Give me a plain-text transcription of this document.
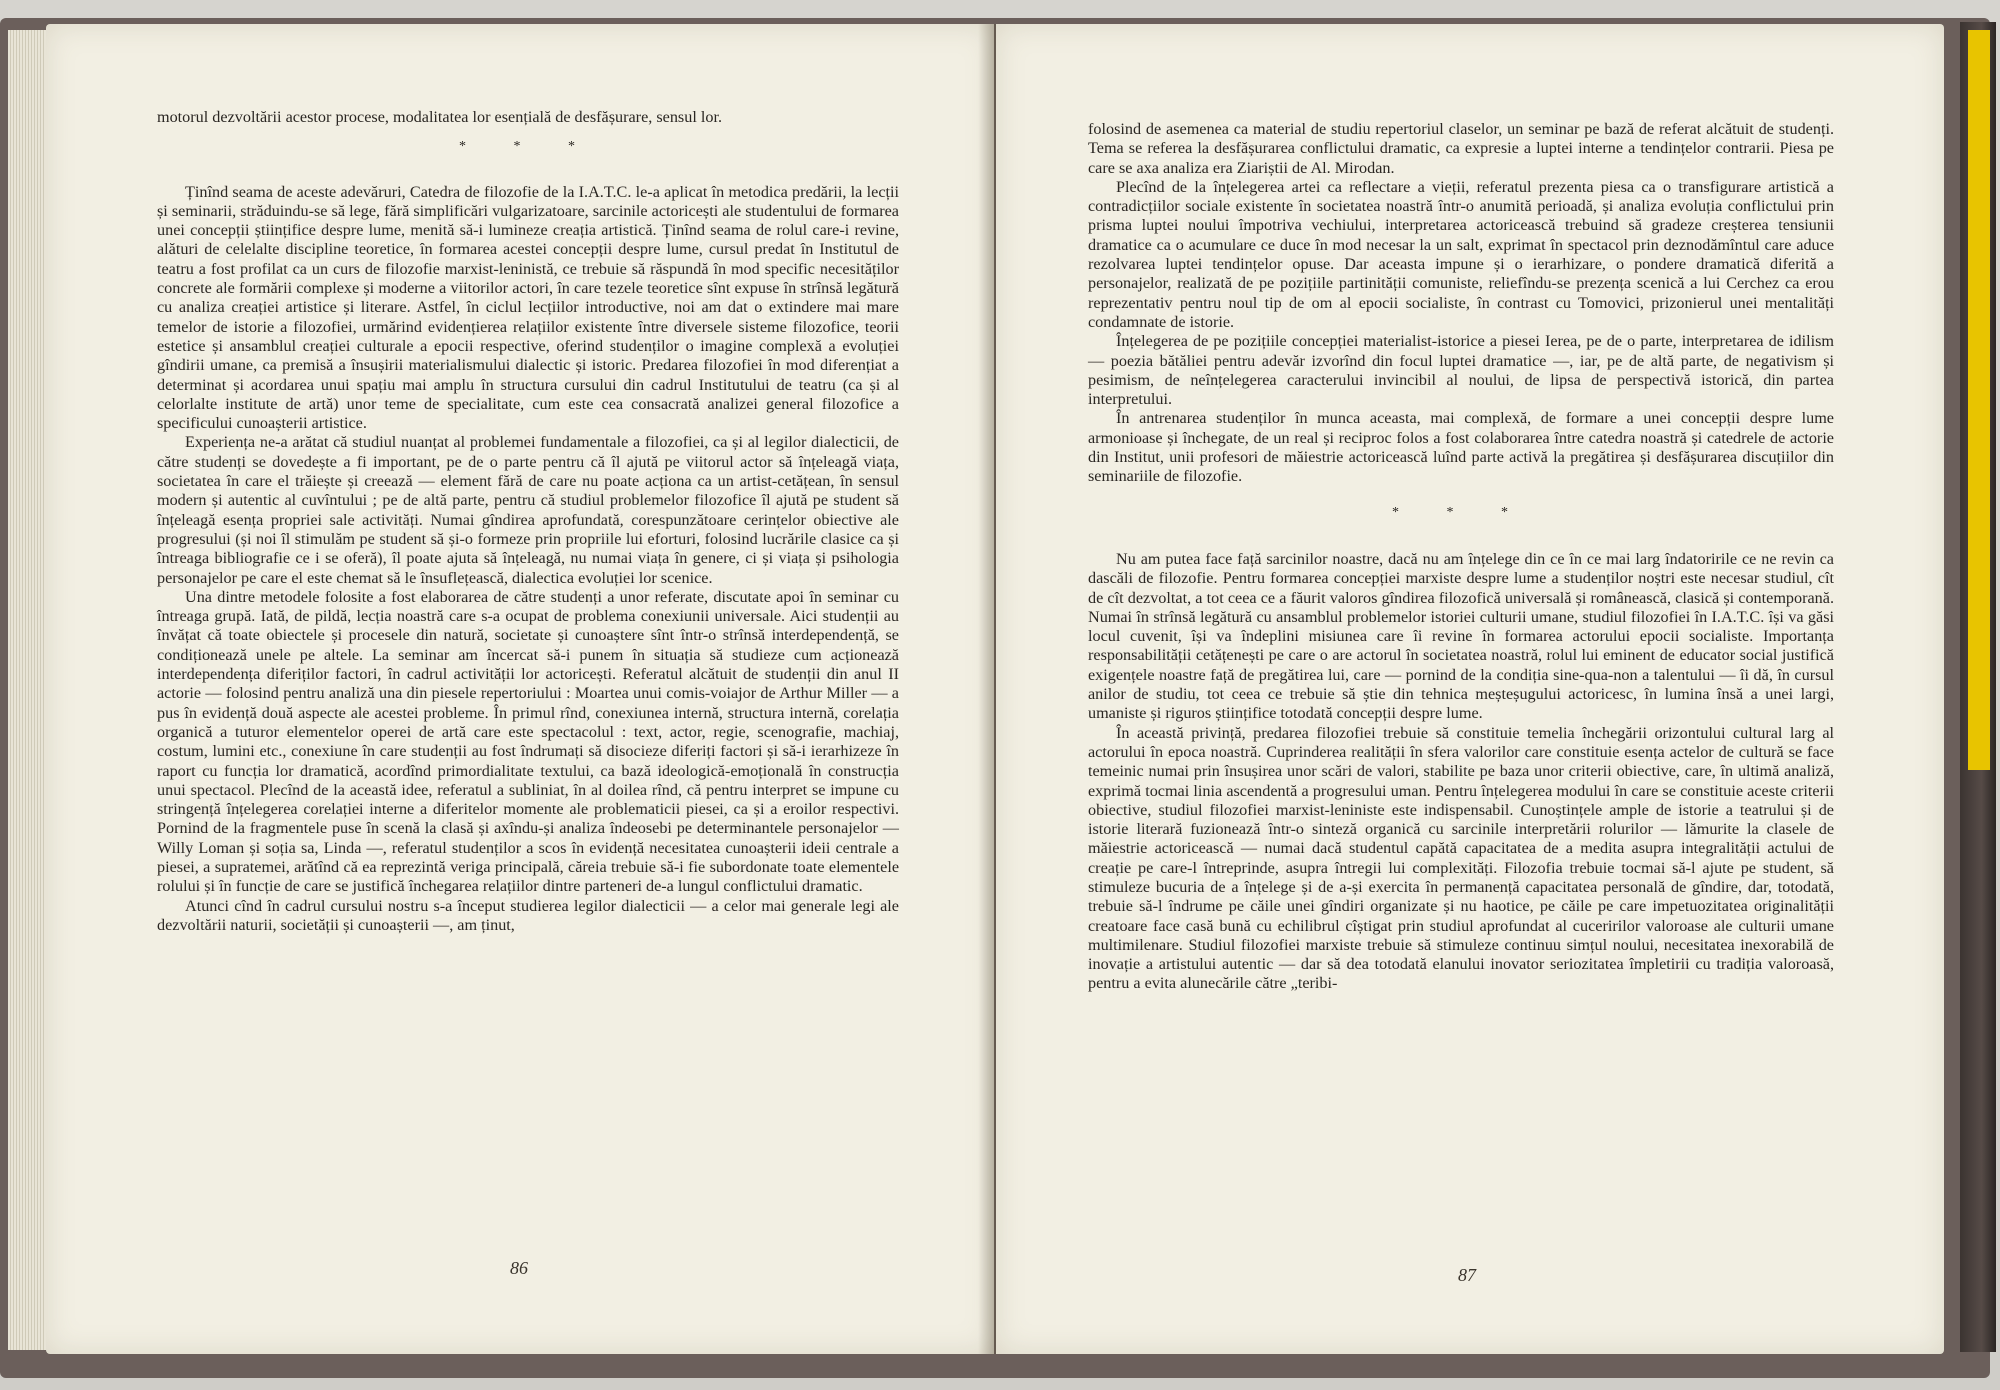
motorul dezvoltării acestor procese, modalitatea lor esențială de desfășurare, sensul lor.

* * *

Ținînd seama de aceste adevăruri, Catedra de filozofie de la I.A.T.C. le-a aplicat în metodica predării, la lecții și seminarii, străduindu-se să lege, fără simplificări vulgarizatoare, sarcinile actoricești ale studentului de formarea unei concepții științifice despre lume, menită să-i lumineze creația artistică. Ținînd seama de rolul care-i revine, alături de celelalte discipline teoretice, în formarea acestei concepții despre lume, cursul predat în Institutul de teatru a fost profilat ca un curs de filozofie marxist-leninistă, ce trebuie să răspundă în mod specific necesităților concrete ale formării complexe și moderne a viitorilor actori, în care tezele teoretice sînt expuse în strînsă legătură cu analiza creației artistice și literare. Astfel, în ciclul lecțiilor introductive, noi am dat o extindere mai mare temelor de istorie a filozofiei, urmărind evidențierea relațiilor existente între diversele sisteme filozofice, teorii estetice și ansamblul creației culturale a epocii respective, oferind studenților o imagine complexă a evoluției gîndirii umane, ca premisă a însușirii materialismului dialectic și istoric. Predarea filozofiei în mod diferențiat a determinat și acordarea unui spațiu mai amplu în structura cursului din cadrul Institutului de teatru (ca și al celorlalte institute de artă) unor teme de specialitate, cum este cea consacrată analizei general filozofice a specificului cunoașterii artistice.

Experiența ne-a arătat că studiul nuanțat al problemei fundamentale a filozofiei, ca și al legilor dialecticii, de către studenți se dovedește a fi important, pe de o parte pentru că îl ajută pe viitorul actor să înțeleagă viața, societatea în care el trăiește și creează — element fără de care nu poate acționa ca un artist-cetățean, în sensul modern și autentic al cuvîntului ; pe de altă parte, pentru că studiul problemelor filozofice îl ajută pe student să înțeleagă esența propriei sale activități. Numai gîndirea aprofundată, corespunzătoare cerințelor obiective ale progresului (și noi îl stimulăm pe student să și-o formeze prin propriile lui eforturi, folosind lucrările clasice ca și întreaga bibliografie ce i se oferă), îl poate ajuta să înțeleagă, nu numai viața în genere, ci și viața și psihologia personajelor pe care el este chemat să le însuflețească, dialectica evoluției lor scenice.

Una dintre metodele folosite a fost elaborarea de către studenți a unor referate, discutate apoi în seminar cu întreaga grupă. Iată, de pildă, lecția noastră care s-a ocupat de problema conexiunii universale. Aici studenții au învățat că toate obiectele și procesele din natură, societate și cunoaștere sînt într-o strînsă interdependență, se condiționează unele pe altele. La seminar am încercat să-i punem în situația să studieze cum acționează interdependența diferiților factori, în cadrul activității lor actoricești. Referatul alcătuit de studenții din anul II actorie — folosind pentru analiză una din piesele repertoriului : Moartea unui comis-voiajor de Arthur Miller — a pus în evidență două aspecte ale acestei probleme. În primul rînd, conexiunea internă, structura internă, corelația organică a tuturor elementelor operei de artă care este spectacolul : text, actor, regie, scenografie, machiaj, costum, lumini etc., conexiune în care studenții au fost îndrumați să disocieze diferiți factori și să-i ierarhizeze în raport cu funcția lor dramatică, acordînd primordialitate textului, ca bază ideologică-emoțională în construcția unui spectacol. Plecînd de la această idee, referatul a subliniat, în al doilea rînd, că pentru interpret se impune cu stringență înțelegerea corelației interne a diferitelor momente ale problematicii piesei, ca și a eroilor respectivi. Pornind de la fragmentele puse în scenă la clasă și axîndu-și analiza îndeosebi pe determinantele personajelor — Willy Loman și soția sa, Linda —, referatul studenților a scos în evidență necesitatea cunoașterii ideii centrale a piesei, a supratemei, arătînd că ea reprezintă veriga principală, căreia trebuie să-i fie subordonate toate elementele rolului și în funcție de care se justifică închegarea relațiilor dintre parteneri de-a lungul conflictului dramatic.

Atunci cînd în cadrul cursului nostru s-a început studierea legilor dialecticii — a celor mai generale legi ale dezvoltării naturii, societății și cunoașterii —, am ținut,

86

folosind de asemenea ca material de studiu repertoriul claselor, un seminar pe bază de referat alcătuit de studenți. Tema se referea la desfășurarea conflictului dramatic, ca expresie a luptei interne a tendințelor contrarii. Piesa pe care se axa analiza era Ziariștii de Al. Mirodan.

Plecînd de la înțelegerea artei ca reflectare a vieții, referatul prezenta piesa ca o transfigurare artistică a contradicțiilor sociale existente în societatea noastră într-o anumită perioadă, și analiza evoluția conflictului prin prisma luptei noului împotriva vechiului, interpretarea actoricească trebuind să gradeze creșterea tensiunii dramatice ca o acumulare ce duce în mod necesar la un salt, exprimat în spectacol prin deznodămîntul care aduce rezolvarea luptei tendințelor opuse. Dar aceasta impune și o ierarhizare, o pondere dramatică diferită a personajelor, realizată de pe pozițiile partinității comuniste, reliefîndu-se prezența scenică a lui Cerchez ca erou reprezentativ pentru noul tip de om al epocii socialiste, în contrast cu Tomovici, prizonierul unei mentalități condamnate de istorie.

Înțelegerea de pe pozițiile concepției materialist-istorice a piesei Ierea, pe de o parte, interpretarea de idilism — poezia bătăliei pentru adevăr izvorînd din focul luptei dramatice —, iar, pe de altă parte, de negativism și pesimism, de neînțelegerea caracterului invincibil al noului, de lipsa de perspectivă istorică, din partea interpretului.

În antrenarea studenților în munca aceasta, mai complexă, de formare a unei concepții despre lume armonioase și închegate, de un real și reciproc folos a fost colaborarea între catedra noastră și catedrele de actorie din Institut, unii profesori de măiestrie actoricească luînd parte activă la pregătirea și desfășurarea discuțiilor din seminariile de filozofie.

* * *

Nu am putea face față sarcinilor noastre, dacă nu am înțelege din ce în ce mai larg îndatoririle ce ne revin ca dascăli de filozofie. Pentru formarea concepției marxiste despre lume a studenților noștri este necesar studiul, cît de cît dezvoltat, a tot ceea ce a făurit valoros gîndirea filozofică universală și românească, clasică și contemporană. Numai în strînsă legătură cu ansamblul problemelor istoriei culturii umane, studiul filozofiei în I.A.T.C. își va găsi locul cuvenit, își va îndeplini misiunea care îi revine în formarea actorului epocii socialiste. Importanța responsabilității cetățenești pe care o are actorul în societatea noastră, rolul lui eminent de educator social justifică exigențele noastre față de pregătirea lui, care — pornind de la condiția sine-qua-non a talentului — îi dă, în cursul anilor de studiu, tot ceea ce trebuie să știe din tehnica meșteșugului actoricesc, în lumina însă a unei largi, umaniste și riguros științifice totodată concepții despre lume.

În această privință, predarea filozofiei trebuie să constituie temelia închegării orizontului cultural larg al actorului în epoca noastră. Cuprinderea realității în sfera valorilor care constituie esența actelor de cultură se face temeinic numai prin însușirea unor scări de valori, stabilite pe baza unor criterii obiective, care, în ultimă analiză, exprimă tocmai linia ascendentă a progresului uman. Pentru înțelegerea modului în care se constituie aceste criterii obiective, studiul filozofiei marxist-leniniste este indispensabil. Cunoștințele ample de istorie a teatrului și de istorie literară fuzionează într-o sinteză organică cu sarcinile interpretării rolurilor — lămurite la clasele de măiestrie actoricească — numai dacă studentul capătă capacitatea de a medita asupra integralității actului de creație pe care-l întreprinde, asupra întregii lui complexități. Filozofia trebuie tocmai să-l ajute pe student, să stimuleze bucuria de a înțelege și de a-și exercita în permanență capacitatea personală de gîndire, dar, totodată, trebuie să-l îndrume pe căile unei gîndiri organizate și nu haotice, pe căile pe care impetuozitatea originalității creatoare face casă bună cu echilibrul cîștigat prin studiul aprofundat al cuceririlor valoroase ale culturii umane multimilenare. Studiul filozofiei marxiste trebuie să stimuleze continuu simțul noului, necesitatea inexorabilă de inovație a artistului autentic — dar să dea totodată elanului inovator seriozitatea împletirii cu tradiția valoroasă, pentru a evita alunecările către „teribi-

87
